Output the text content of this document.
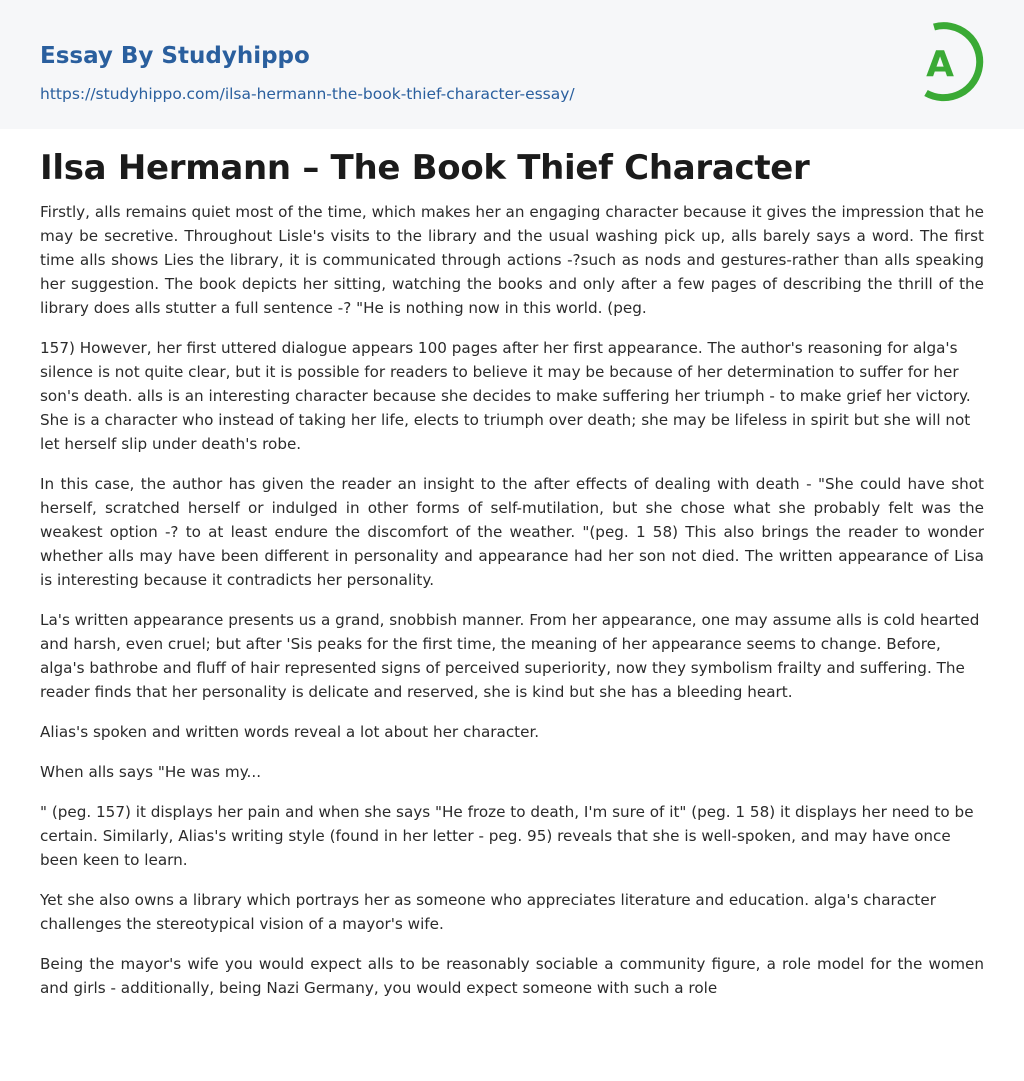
Essay By Studyhippo
https://studyhippo.com/ilsa-hermann-the-book-thief-character-essay/
A
Ilsa Hermann – The Book Thief Character

Firstly, alls remains quiet most of the time, which makes her an engaging character because it gives the impression that he may be secretive. Throughout Lisle's visits to the library and the usual washing pick up, alls barely says a word. The first time alls shows Lies the library, it is communicated through actions -?such as nods and gestures-rather than alls speaking her suggestion. The book depicts her sitting, watching the books and only after a few pages of describing the thrill of the library does alls stutter a full sentence -? "He is nothing now in this world. (peg.

157) However, her first uttered dialogue appears 100 pages after her first appearance. The author's reasoning for alga's silence is not quite clear, but it is possible for readers to believe it may be because of her determination to suffer for her son's death. alls is an interesting character because she decides to make suffering her triumph - to make grief her victory. She is a character who instead of taking her life, elects to triumph over death; she may be lifeless in spirit but she will not let herself slip under death's robe.

In this case, the author has given the reader an insight to the after effects of dealing with death - "She could have shot herself, scratched herself or indulged in other forms of self-mutilation, but she chose what she probably felt was the weakest option -? to at least endure the discomfort of the weather. "(peg. 1 58) This also brings the reader to wonder whether alls may have been different in personality and appearance had her son not died. The written appearance of Lisa is interesting because it contradicts her personality.

La's written appearance presents us a grand, snobbish manner. From her appearance, one may assume alls is cold hearted and harsh, even cruel; but after 'Sis peaks for the first time, the meaning of her appearance seems to change. Before, alga's bathrobe and fluff of hair represented signs of perceived superiority, now they symbolism frailty and suffering. The reader finds that her personality is delicate and reserved, she is kind but she has a bleeding heart.

Alias's spoken and written words reveal a lot about her character.

When alls says "He was my...

" (peg. 157) it displays her pain and when she says "He froze to death, I'm sure of it" (peg. 1 58) it displays her need to be certain. Similarly, Alias's writing style (found in her letter - peg. 95) reveals that she is well-spoken, and may have once been keen to learn.

Yet she also owns a library which portrays her as someone who appreciates literature and education. alga's character challenges the stereotypical vision of a mayor's wife.

Being the mayor's wife you would expect alls to be reasonably sociable a community figure, a role model for the women and girls - additionally, being Nazi Germany, you would expect someone with such a role
